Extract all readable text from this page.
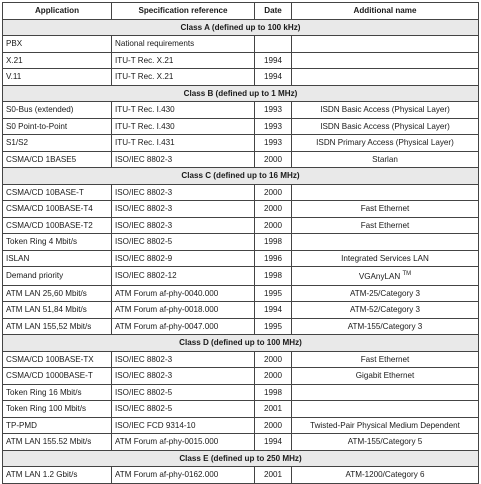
Application	Specification reference	Date	Additional name
Class A (defined up to 100 kHz)			
PBX	National requirements		
X.21	ITU-T Rec. X.21	1994	
V.11	ITU-T Rec. X.21	1994	
Class B (defined up to 1 MHz)			
S0-Bus (extended)	ITU-T Rec. I.430	1993	ISDN Basic Access (Physical Layer)
S0 Point-to-Point	ITU-T Rec. I.430	1993	ISDN Basic Access (Physical Layer)
S1/S2	ITU-T Rec. I.431	1993	ISDN Primary Access (Physical Layer)
CSMA/CD 1BASE5	ISO/IEC 8802-3	2000	Starlan
Class C (defined up to 16 MHz)			
CSMA/CD 10BASE-T	ISO/IEC 8802-3	2000	
CSMA/CD 100BASE-T4	ISO/IEC 8802-3	2000	Fast Ethernet
CSMA/CD 100BASE-T2	ISO/IEC 8802-3	2000	Fast Ethernet
Token Ring 4 Mbit/s	ISO/IEC 8802-5	1998	
ISLAN	ISO/IEC 8802-9	1996	Integrated Services LAN
Demand priority	ISO/IEC 8802-12	1998	VGAnyLAN ™
ATM LAN 25,60 Mbit/s	ATM Forum af-phy-0040.000	1995	ATM-25/Category 3
ATM LAN 51,84 Mbit/s	ATM Forum af-phy-0018.000	1994	ATM-52/Category 3
ATM LAN 155,52 Mbit/s	ATM Forum af-phy-0047.000	1995	ATM-155/Category 3
Class D (defined up to 100 MHz)			
CSMA/CD 100BASE-TX	ISO/IEC 8802-3	2000	Fast Ethernet
CSMA/CD 1000BASE-T	ISO/IEC 8802-3	2000	Gigabit Ethernet
Token Ring 16 Mbit/s	ISO/IEC 8802-5	1998	
Token Ring 100 Mbit/s	ISO/IEC 8802-5	2001	
TP-PMD	ISO/IEC FCD 9314-10	2000	Twisted-Pair Physical Medium Dependent
ATM LAN 155.52 Mbit/s	ATM Forum af-phy-0015.000	1994	ATM-155/Category 5
Class E (defined up to 250 MHz)			
ATM LAN 1.2 Gbit/s	ATM Forum af-phy-0162.000	2001	ATM-1200/Category 6
